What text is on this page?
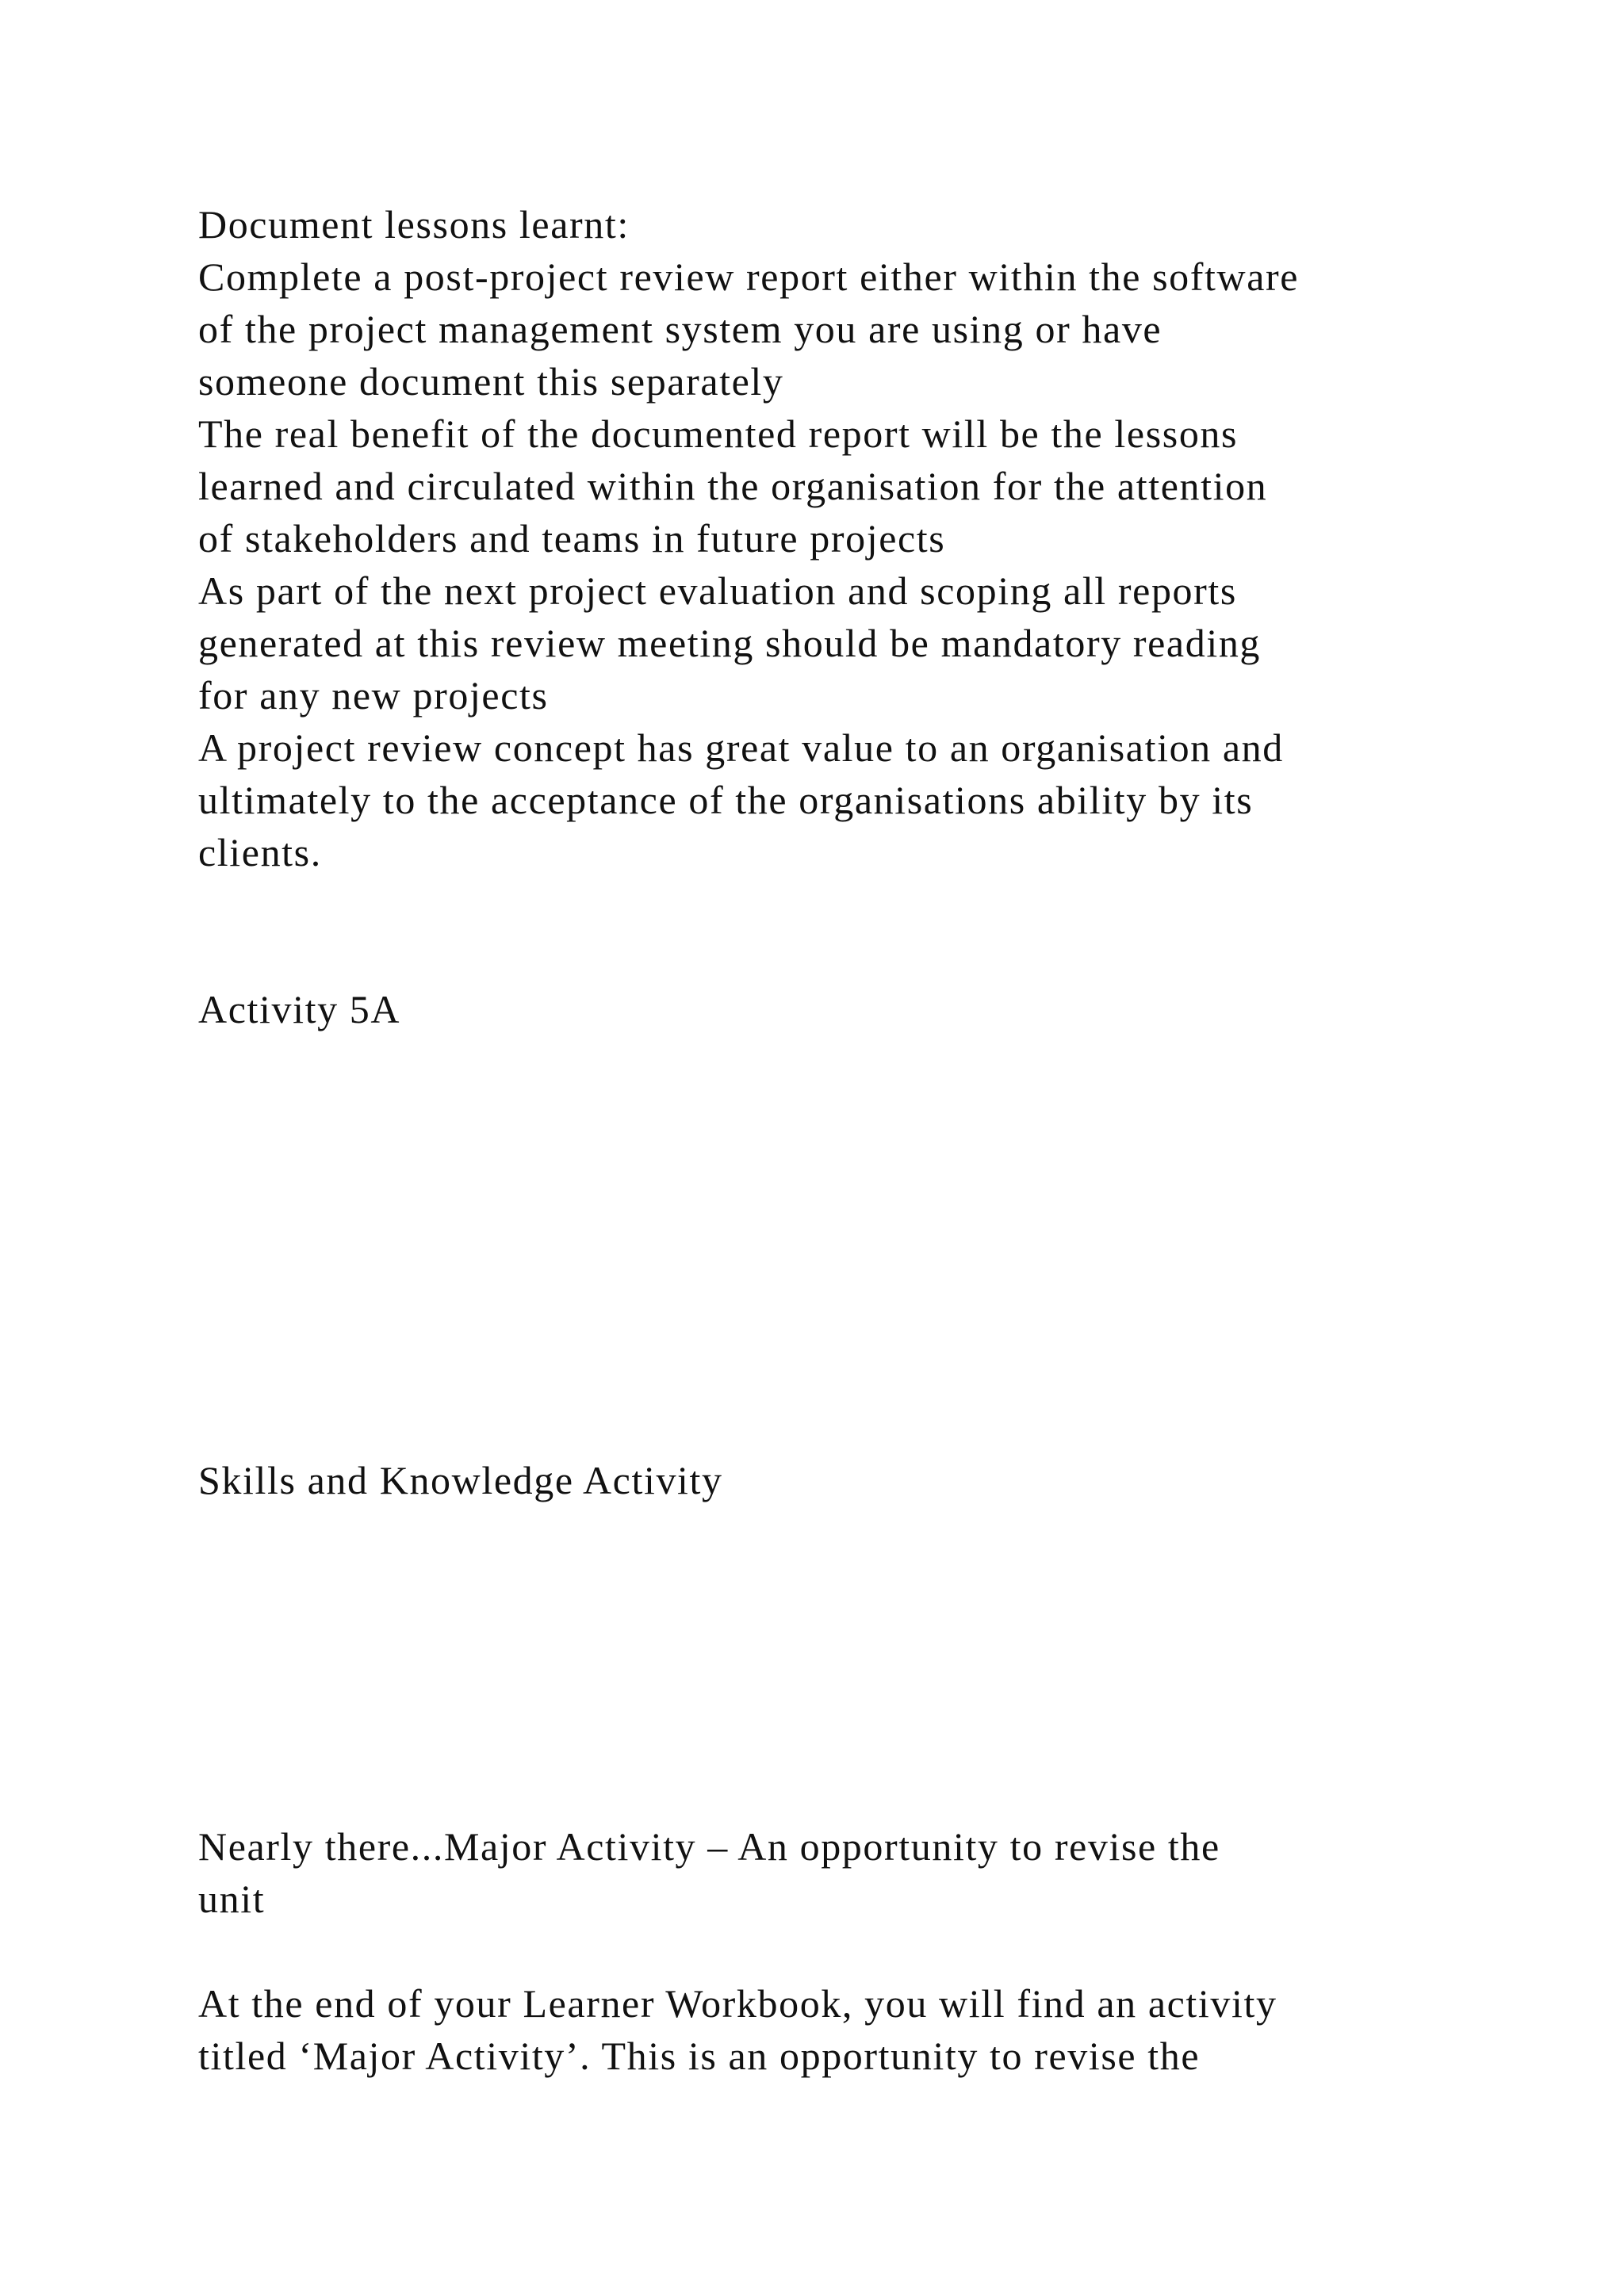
Document lessons learnt:

Complete a post-project review report either within the software

of the project management system you are using or have

someone document this separately

The real benefit of the documented report will be the lessons

learned and circulated within the organisation for the attention

of stakeholders and teams in future projects

As part of the next project evaluation and scoping all reports

generated at this review meeting should be mandatory reading

for any new projects

A project review concept has great value to an organisation and

ultimately to the acceptance of the organisations ability by its

clients.

Activity 5A

Skills and Knowledge Activity

Nearly there...Major Activity – An opportunity to revise the

unit

At the end of your Learner Workbook, you will find an activity

titled ‘Major Activity’. This is an opportunity to revise the
